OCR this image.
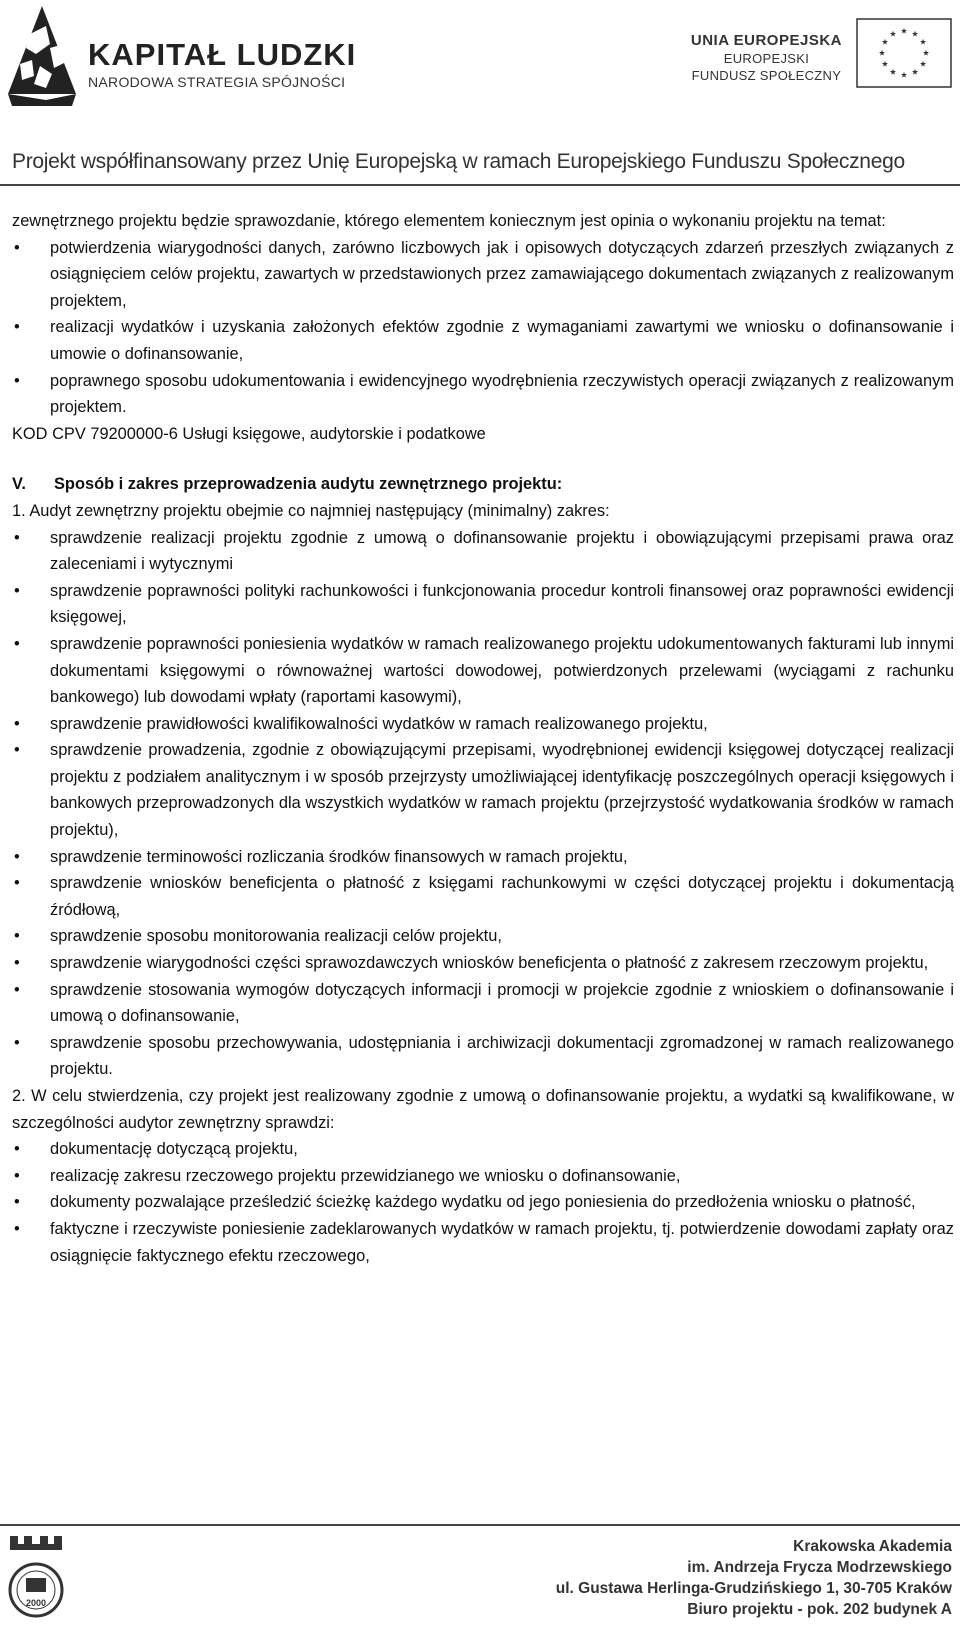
KAPITAŁ LUDZKI
NARODOWA STRATEGIA SPÓJNOŚCI
UNIA EUROPEJSKA
EUROPEJSKI
FUNDUSZ SPOŁECZNY
Projekt współfinansowany przez Unię Europejską w ramach Europejskiego Funduszu Społecznego

zewnętrznego projektu będzie sprawozdanie, którego elementem koniecznym jest opinia o wykonaniu projektu na temat:

• potwierdzenia wiarygodności danych, zarówno liczbowych jak i opisowych dotyczących zdarzeń przeszłych związanych z osiągnięciem celów projektu, zawartych w przedstawionych przez zamawiającego dokumentach związanych z realizowanym projektem,

• realizacji wydatków i uzyskania założonych efektów zgodnie z wymaganiami zawartymi we wniosku o dofinansowanie i umowie o dofinansowanie,

• poprawnego sposobu udokumentowania i ewidencyjnego wyodrębnienia rzeczywistych operacji związanych z realizowanym projektem.

KOD CPV 79200000-6 Usługi księgowe, audytorskie i podatkowe

V. Sposób i zakres przeprowadzenia audytu zewnętrznego projektu:

1. Audyt zewnętrzny projektu obejmie co najmniej następujący (minimalny) zakres:

• sprawdzenie realizacji projektu zgodnie z umową o dofinansowanie projektu i obowiązującymi przepisami prawa oraz zaleceniami i wytycznymi

• sprawdzenie poprawności polityki rachunkowości i funkcjonowania procedur kontroli finansowej oraz poprawności ewidencji księgowej,

• sprawdzenie poprawności poniesienia wydatków w ramach realizowanego projektu udokumentowanych fakturami lub innymi dokumentami księgowymi o równoważnej wartości dowodowej, potwierdzonych przelewami (wyciągami z rachunku bankowego) lub dowodami wpłaty (raportami kasowymi),

• sprawdzenie prawidłowości kwalifikowalności wydatków w ramach realizowanego projektu,

• sprawdzenie prowadzenia, zgodnie z obowiązującymi przepisami, wyodrębnionej ewidencji księgowej dotyczącej realizacji projektu z podziałem analitycznym i w sposób przejrzysty umożliwiającej identyfikację poszczególnych operacji księgowych i bankowych przeprowadzonych dla wszystkich wydatków w ramach projektu (przejrzystość wydatkowania środków w ramach projektu),

• sprawdzenie terminowości rozliczania środków finansowych w ramach projektu,

• sprawdzenie wniosków beneficjenta o płatność z księgami rachunkowymi w części dotyczącej projektu i dokumentacją źródłową,

• sprawdzenie sposobu monitorowania realizacji celów projektu,

• sprawdzenie wiarygodności części sprawozdawczych wniosków beneficjenta o płatność z zakresem rzeczowym projektu,

• sprawdzenie stosowania wymogów dotyczących informacji i promocji w projekcie zgodnie z wnioskiem o dofinansowanie i umową o dofinansowanie,

• sprawdzenie sposobu przechowywania, udostępniania i archiwizacji dokumentacji zgromadzonej w ramach realizowanego projektu.

2. W celu stwierdzenia, czy projekt jest realizowany zgodnie z umową o dofinansowanie projektu, a wydatki są kwalifikowane, w szczególności audytor zewnętrzny sprawdzi:

• dokumentację dotyczącą projektu,

• realizację zakresu rzeczowego projektu przewidzianego we wniosku o dofinansowanie,

• dokumenty pozwalające prześledzić ścieżkę każdego wydatku od jego poniesienia do przedłożenia wniosku o płatność,

• faktyczne i rzeczywiste poniesienie zadeklarowanych wydatków w ramach projektu, tj. potwierdzenie dowodami zapłaty oraz osiągnięcie faktycznego efektu rzeczowego,

2000
Krakowska Akademia
im. Andrzeja Frycza Modrzewskiego
ul. Gustawa Herlinga-Grudzińskiego 1, 30-705 Kraków
Biuro projektu - pok. 202 budynek A
